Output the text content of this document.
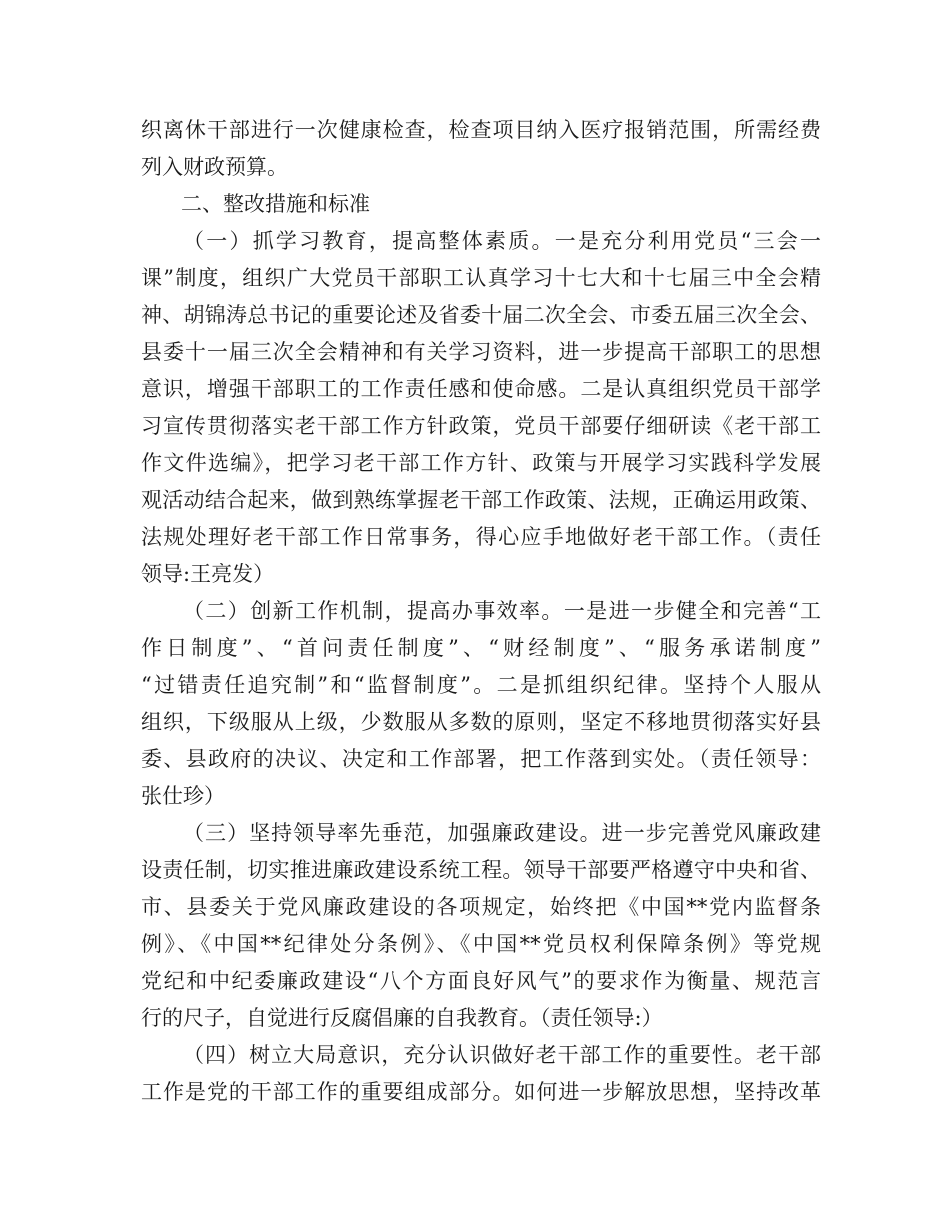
织离休干部进行一次健康检查，检查项目纳入医疗报销范围，所需经费
列入财政预算。
二、整改措施和标准
（一）抓学习教育，提高整体素质。一是充分利用党员“三会一
课”制度，组织广大党员干部职工认真学习十七大和十七届三中全会精
神、胡锦涛总书记的重要论述及省委十届二次全会、市委五届三次全会、
县委十一届三次全会精神和有关学习资料，进一步提高干部职工的思想
意识，增强干部职工的工作责任感和使命感。二是认真组织党员干部学
习宣传贯彻落实老干部工作方针政策，党员干部要仔细研读《老干部工
作文件选编》，把学习老干部工作方针、政策与开展学习实践科学发展
观活动结合起来，做到熟练掌握老干部工作政策、法规，正确运用政策、
法规处理好老干部工作日常事务，得心应手地做好老干部工作。（责任
领导:王亮发）
（二）创新工作机制，提高办事效率。一是进一步健全和完善“工
作日制度”、“首问责任制度”、“财经制度”、“服务承诺制度”
“过错责任追究制”和“监督制度”。二是抓组织纪律。坚持个人服从
组织，下级服从上级，少数服从多数的原则，坚定不移地贯彻落实好县
委、县政府的决议、决定和工作部署，把工作落到实处。（责任领导：
张仕珍）
（三）坚持领导率先垂范，加强廉政建设。进一步完善党风廉政建
设责任制，切实推进廉政建设系统工程。领导干部要严格遵守中央和省、
市、县委关于党风廉政建设的各项规定，始终把《中国**党内监督条
例》、《中国**纪律处分条例》、《中国**党员权利保障条例》等党规
党纪和中纪委廉政建设“八个方面良好风气”的要求作为衡量、规范言
行的尺子，自觉进行反腐倡廉的自我教育。（责任领导:）
（四）树立大局意识，充分认识做好老干部工作的重要性。老干部
工作是党的干部工作的重要组成部分。如何进一步解放思想，坚持改革
